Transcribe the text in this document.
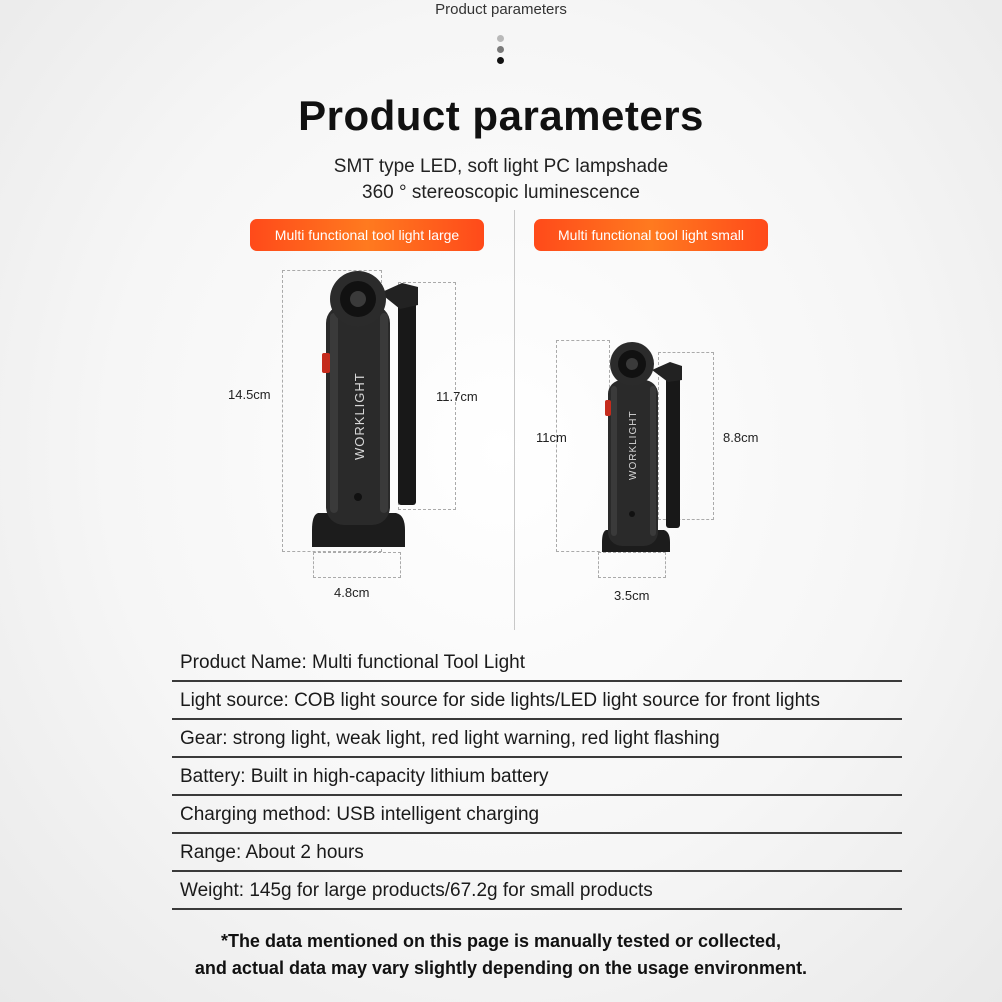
Product parameters
Product parameters
SMT type LED, soft light PC lampshade
360 ° stereoscopic luminescence
Multi functional tool light large	Multi functional tool light small
14.5cm	11.7cm
4.8cm
WORKLIGHT	11cm	8.8cm
3.5cm
WORKLIGHT
Product Name: Multi functional Tool Light
Light source: COB light source for side lights/LED light source for front lights
Gear: strong light, weak light, red light warning, red light flashing
Battery: Built in high-capacity lithium battery
Charging method: USB intelligent charging
Range: About 2 hours
Weight: 145g for large products/67.2g for small products
*The data mentioned on this page is manually tested or collected,
and actual data may vary slightly depending on the usage environment.
